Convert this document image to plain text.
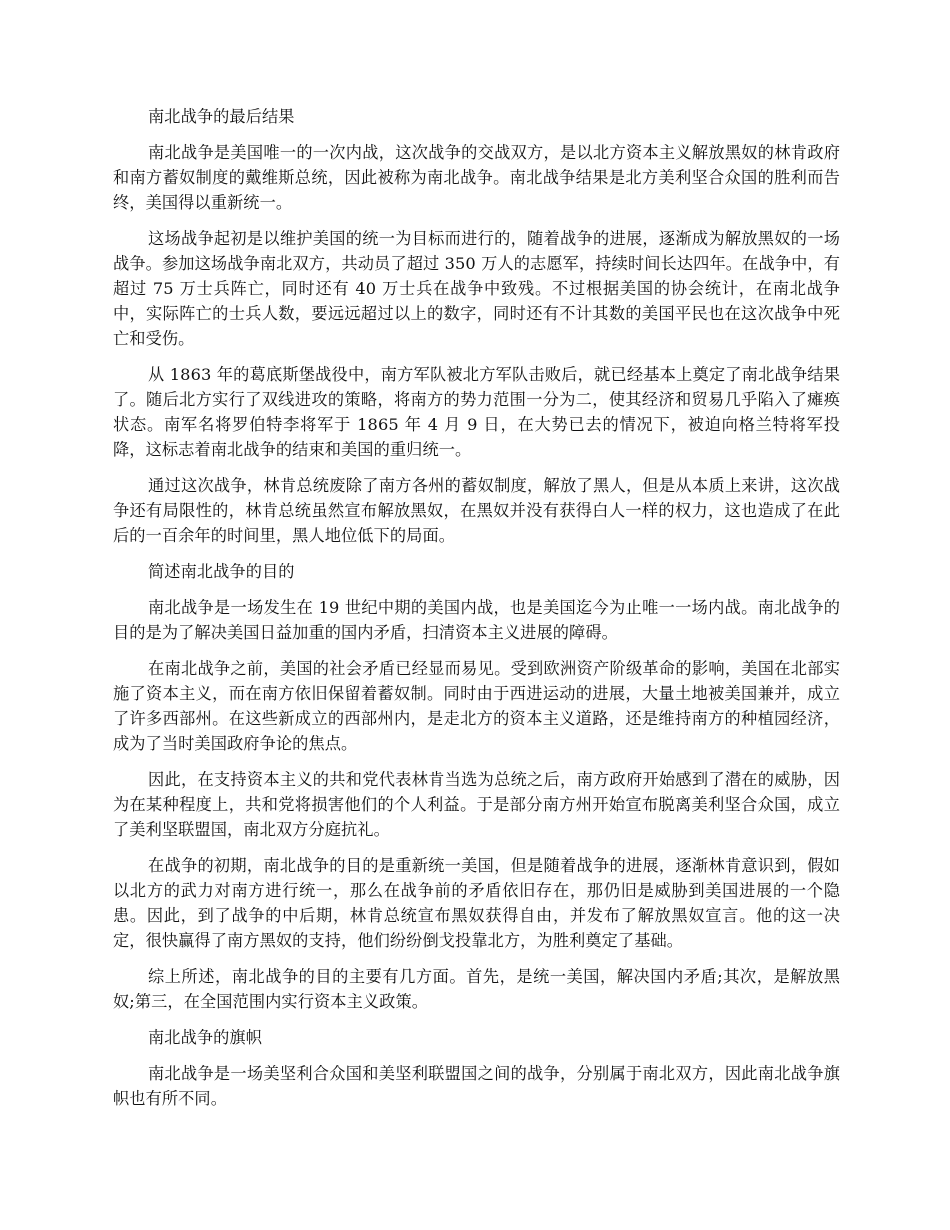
南北战争的最后结果

南北战争是美国唯一的一次内战，这次战争的交战双方，是以北方资本主义解放黑奴的林肯政府和南方蓄奴制度的戴维斯总统，因此被称为南北战争。南北战争结果是北方美利坚合众国的胜利而告终，美国得以重新统一。

这场战争起初是以维护美国的统一为目标而进行的，随着战争的进展，逐渐成为解放黑奴的一场战争。参加这场战争南北双方，共动员了超过 350 万人的志愿军，持续时间长达四年。在战争中，有超过 75 万士兵阵亡，同时还有 40 万士兵在战争中致残。不过根据美国的协会统计，在南北战争中，实际阵亡的士兵人数，要远远超过以上的数字，同时还有不计其数的美国平民也在这次战争中死亡和受伤。

从 1863 年的葛底斯堡战役中，南方军队被北方军队击败后，就已经基本上奠定了南北战争结果了。随后北方实行了双线进攻的策略，将南方的势力范围一分为二，使其经济和贸易几乎陷入了瘫痪状态。南军名将罗伯特李将军于 1865 年 4 月 9 日，在大势已去的情况下，被迫向格兰特将军投降，这标志着南北战争的结束和美国的重归统一。

通过这次战争，林肯总统废除了南方各州的蓄奴制度，解放了黑人，但是从本质上来讲，这次战争还有局限性的，林肯总统虽然宣布解放黑奴，在黑奴并没有获得白人一样的权力，这也造成了在此后的一百余年的时间里，黑人地位低下的局面。

简述南北战争的目的

南北战争是一场发生在 19 世纪中期的美国内战，也是美国迄今为止唯一一场内战。南北战争的目的是为了解决美国日益加重的国内矛盾，扫清资本主义进展的障碍。

在南北战争之前，美国的社会矛盾已经显而易见。受到欧洲资产阶级革命的影响，美国在北部实施了资本主义，而在南方依旧保留着蓄奴制。同时由于西进运动的进展，大量土地被美国兼并，成立了许多西部州。在这些新成立的西部州内，是走北方的资本主义道路，还是维持南方的种植园经济，成为了当时美国政府争论的焦点。

因此，在支持资本主义的共和党代表林肯当选为总统之后，南方政府开始感到了潜在的威胁，因为在某种程度上，共和党将损害他们的个人利益。于是部分南方州开始宣布脱离美利坚合众国，成立了美利坚联盟国，南北双方分庭抗礼。

在战争的初期，南北战争的目的是重新统一美国，但是随着战争的进展，逐渐林肯意识到，假如以北方的武力对南方进行统一，那么在战争前的矛盾依旧存在，那仍旧是威胁到美国进展的一个隐患。因此，到了战争的中后期，林肯总统宣布黑奴获得自由，并发布了解放黑奴宣言。他的这一决定，很快赢得了南方黑奴的支持，他们纷纷倒戈投靠北方，为胜利奠定了基础。

综上所述，南北战争的目的主要有几方面。首先，是统一美国，解决国内矛盾;其次，是解放黑奴;第三，在全国范围内实行资本主义政策。

南北战争的旗帜

南北战争是一场美坚利合众国和美坚利联盟国之间的战争，分别属于南北双方，因此南北战争旗帜也有所不同。
